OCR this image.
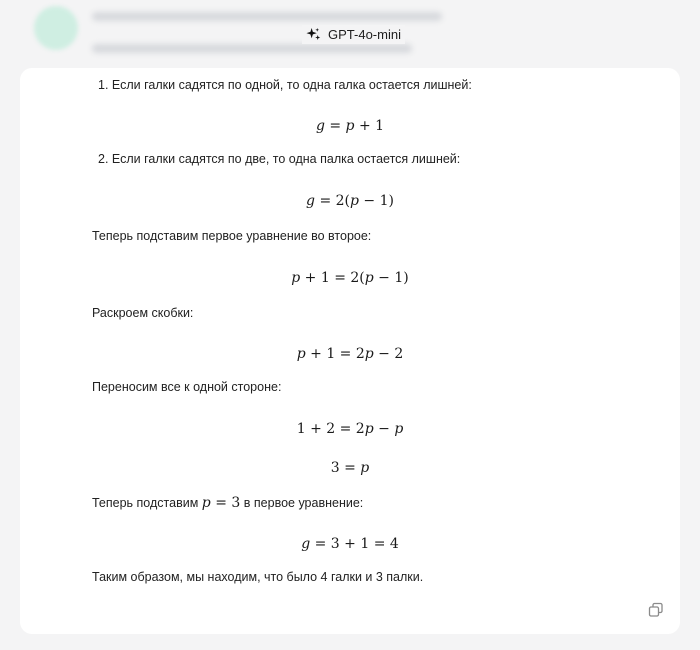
GPT-4o-mini
1. Если галки садятся по одной, то одна галка остается лишней:
g = p + 1
2. Если галки садятся по две, то одна палка остается лишней:
g = 2(p − 1)
Теперь подставим первое уравнение во второе:
p + 1 = 2(p − 1)
Раскроем скобки:
p + 1 = 2p − 2
Переносим все к одной стороне:
1 + 2 = 2p − p
3 = p
Теперь подставим p = 3 в первое уравнение:
g = 3 + 1 = 4
Таким образом, мы находим, что было 4 галки и 3 палки.
